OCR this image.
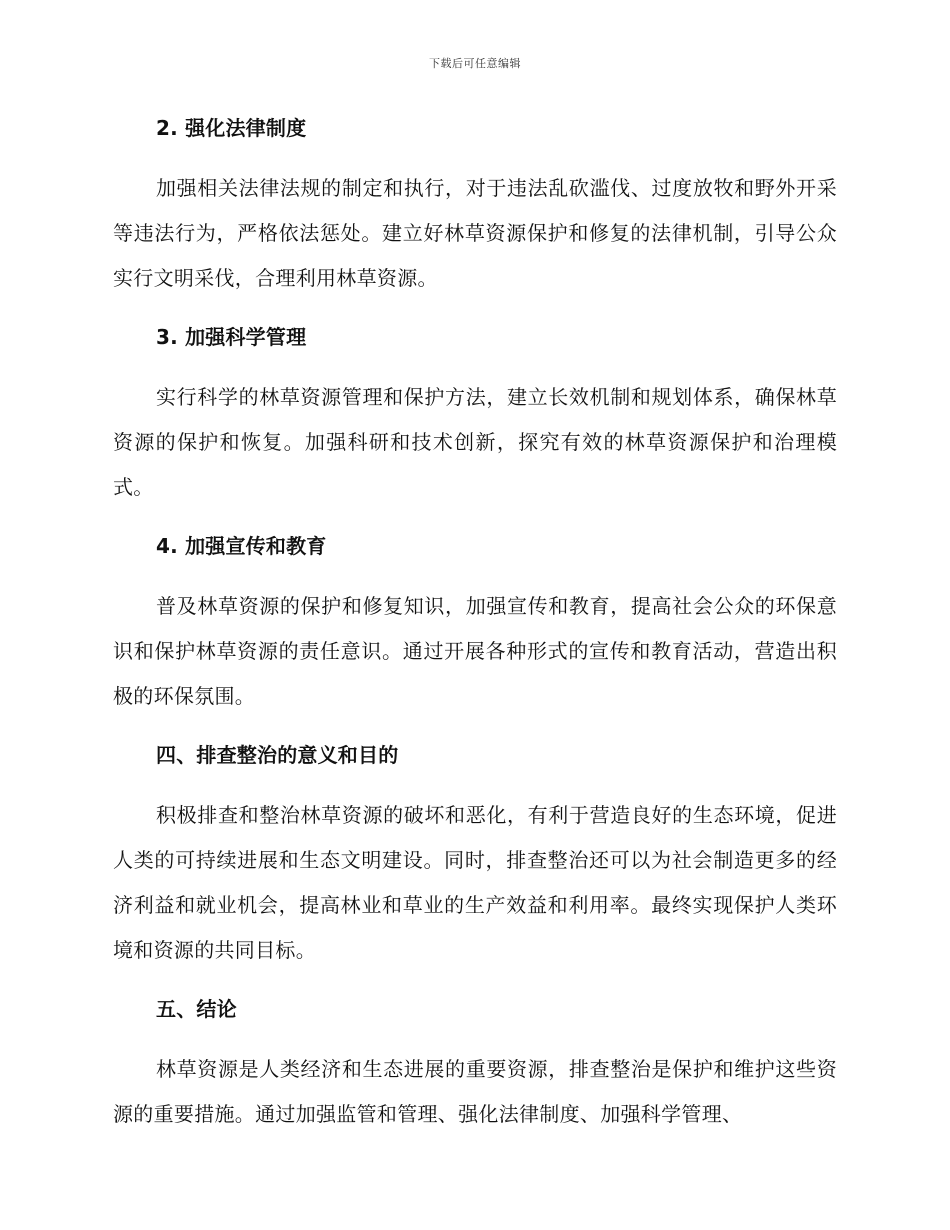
下载后可任意编辑
2. 强化法律制度

加强相关法律法规的制定和执行，对于违法乱砍滥伐、过度放牧和野外开采等违法行为，严格依法惩处。建立好林草资源保护和修复的法律机制，引导公众实行文明采伐，合理利用林草资源。

3. 加强科学管理

实行科学的林草资源管理和保护方法，建立长效机制和规划体系，确保林草资源的保护和恢复。加强科研和技术创新，探究有效的林草资源保护和治理模式。

4. 加强宣传和教育

普及林草资源的保护和修复知识，加强宣传和教育，提高社会公众的环保意识和保护林草资源的责任意识。通过开展各种形式的宣传和教育活动，营造出积极的环保氛围。

四、排查整治的意义和目的

积极排查和整治林草资源的破坏和恶化，有利于营造良好的生态环境，促进人类的可持续进展和生态文明建设。同时，排查整治还可以为社会制造更多的经济利益和就业机会，提高林业和草业的生产效益和利用率。最终实现保护人类环境和资源的共同目标。

五、结论

林草资源是人类经济和生态进展的重要资源，排查整治是保护和维护这些资源的重要措施。通过加强监管和管理、强化法律制度、加强科学管理、
